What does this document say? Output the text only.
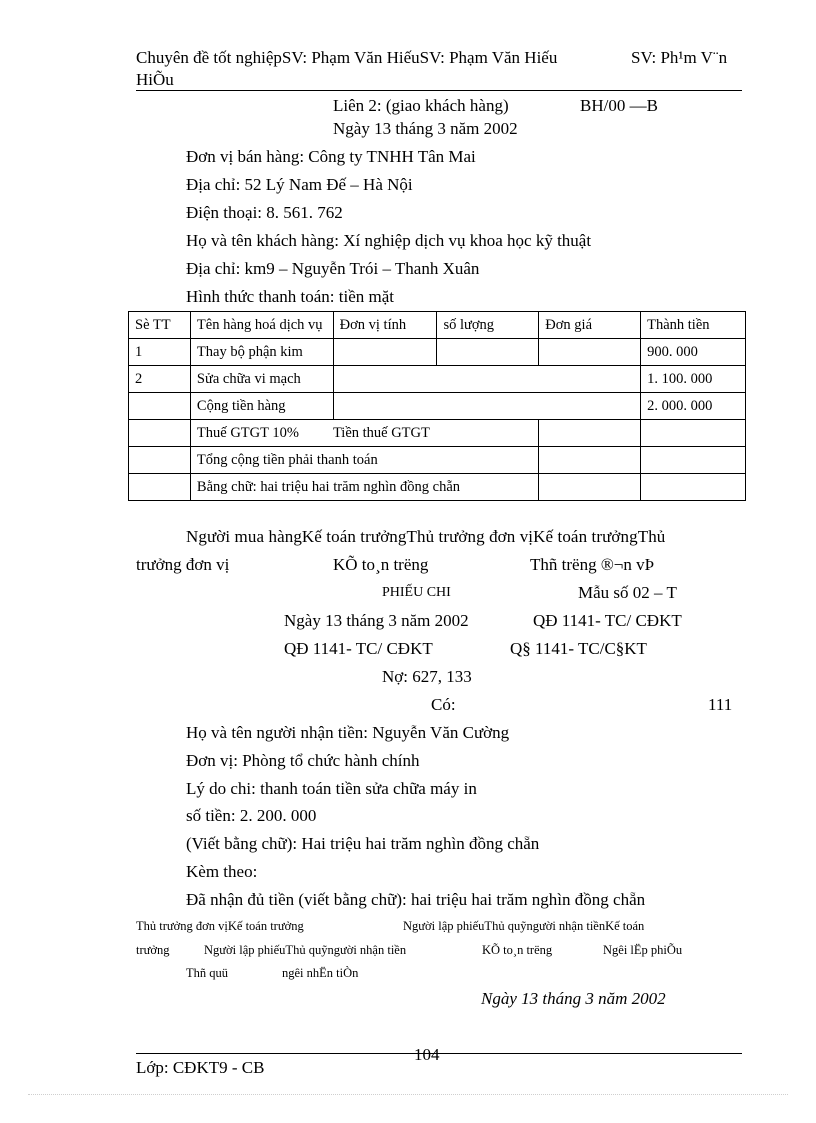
Chuyên đề tốt nghiệpSV: Phạm Văn HiếuSV: Phạm Văn Hiếu	SV: Ph¹m V¨n
HiÕu
Liên 2: (giao khách hàng)	BH/00 —B
Ngày 13 tháng 3 năm 2002
Đơn vị bán hàng: Công ty TNHH Tân Mai
Địa chỉ: 52 Lý Nam Đế – Hà Nội
Điện thoại: 8. 561. 762
Họ và tên khách hàng: Xí nghiệp dịch vụ khoa học kỹ thuật
Địa chỉ: km9 – Nguyễn Trói – Thanh Xuân
Hình thức thanh toán: tiền mặt
Sè TT	Tên hàng hoá dịch vụ	Đơn vị tính	số lượng	Đơn giá	Thành tiền
1	Thay bộ phận kim				900. 000
2	Sửa chữa vi mạch				1. 100. 000
	Cộng tiền hàng				2. 000. 000
	Thuế GTGT 10% Tiền thuế GTGT				
	Tổng cộng tiền phải thanh toán				
	Bằng chữ: hai triệu hai trăm nghìn đồng chẵn				
Người mua hàngKế toán trưởngThủ trưởng đơn vịKế toán trưởngThủ
trưởng đơn vị	KÕ to¸n trëng	Thñ trëng ®¬n vÞ
PHIẾU CHI	Mẫu số 02 – T
Ngày 13 tháng 3 năm 2002	QĐ 1141- TC/ CĐKT
QĐ 1141- TC/ CĐKT	Q§ 1141- TC/C§KT
Nợ: 627, 133
Có:	111
Họ và tên người nhận tiền: Nguyễn Văn Cường
Đơn vị: Phòng tổ chức hành chính
Lý do chi: thanh toán tiền sửa chữa máy in
số tiền: 2. 200. 000
(Viết bằng chữ): Hai triệu hai trăm nghìn đồng chẵn
Kèm theo:
Đã nhận đủ tiền (viết bằng chữ): hai triệu hai trăm nghìn đồng chẵn
Thủ trưởng đơn vịKế toán trưởng	Người lập phiếuThủ quỹngười nhận tiềnKế toán
trưởng	Người lập phiếuThủ quỹngười nhận tiền	KÕ to¸n trëng	Ngêi lËp phiÕu
Thñ quü	ngêi nhËn tiÒn
Ngày 13 tháng 3 năm 2002
104
Lớp: CĐKT9 - CB
